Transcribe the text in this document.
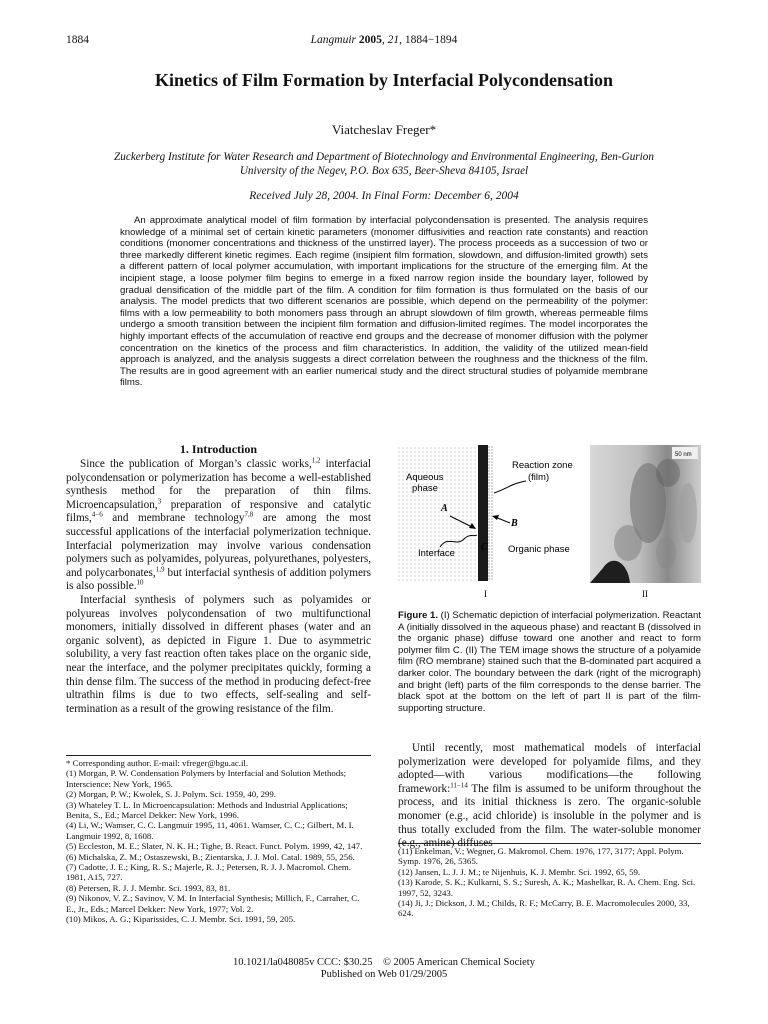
1884	Langmuir 2005, 21, 1884−1894
Kinetics of Film Formation by Interfacial Polycondensation
Viatcheslav Freger*
Zuckerberg Institute for Water Research and Department of Biotechnology and Environmental Engineering, Ben-Gurion University of the Negev, P.O. Box 635, Beer-Sheva 84105, Israel
Received July 28, 2004. In Final Form: December 6, 2004

An approximate analytical model of film formation by interfacial polycondensation is presented. The analysis requires knowledge of a minimal set of certain kinetic parameters (monomer diffusivities and reaction rate constants) and reaction conditions (monomer concentrations and thickness of the unstirred layer). The process proceeds as a succession of two or three markedly different kinetic regimes. Each regime (insipient film formation, slowdown, and diffusion-limited growth) sets a different pattern of local polymer accumulation, with important implications for the structure of the emerging film. At the incipient stage, a loose polymer film begins to emerge in a fixed narrow region inside the boundary layer, followed by gradual densification of the middle part of the film. A condition for film formation is thus formulated on the basis of our analysis. The model predicts that two different scenarios are possible, which depend on the permeability of the polymer: films with a low permeability to both monomers pass through an abrupt slowdown of film growth, whereas permeable films undergo a smooth transition between the incipient film formation and diffusion-limited regimes. The model incorporates the highly important effects of the accumulation of reactive end groups and the decrease of monomer diffusion with the polymer concentration on the kinetics of the process and film characteristics. In addition, the validity of the utilized mean-field approach is analyzed, and the analysis suggests a direct correlation between the roughness and the thickness of the film. The results are in good agreement with an earlier numerical study and the direct structural studies of polyamide membrane films.

1. Introduction

Since the publication of Morgan’s classic works,$^{1,2}$ interfacial polycondensation or polymerization has become a well-established synthesis method for the preparation of thin films. Microencapsulation,$^3$ preparation of responsive and catalytic films,$^{4-6}$ and membrane technology$^{7,8}$ are among the most successful applications of the interfacial polymerization technique. Interfacial polymerization may involve various condensation polymers such as polyamides, polyureas, polyurethanes, polyesters, and polycarbonates,$^{1,9}$ but interfacial synthesis of addition polymers is also possible.$^{10}$

Interfacial synthesis of polymers such as polyamides or polyureas involves polycondensation of two multifunctional monomers, initially dissolved in different phases (water and an organic solvent), as depicted in Figure 1. Due to asymmetric solubility, a very fast reaction often takes place on the organic side, near the interface, and the polymer precipitates quickly, forming a thin dense film. The success of the method in producing defect-free ultrathin films is due to two effects, self-sealing and self-termination as a result of the growing resistance of the film.

Aqueous
phase
Reaction zone
(film)
A
B
C
Interface	Organic phase
I
50 nm
II
Figure 1. (I) Schematic depiction of interfacial polymerization. Reactant A (initially dissolved in the aqueous phase) and reactant B (dissolved in the organic phase) diffuse toward one another and react to form polymer film C. (II) The TEM image shows the structure of a polyamide film (RO membrane) stained such that the B-dominated part acquired a darker color. The boundary between the dark (right of the micrograph) and bright (left) parts of the film corresponds to the dense barrier. The black spot at the bottom on the left of part II is part of the film-supporting structure.

Until recently, most mathematical models of interfacial polymerization were developed for polyamide films, and they adopted—with various modifications—the following framework:$^{11-14}$ The film is assumed to be uniform throughout the process, and its initial thickness is zero. The organic-soluble monomer (e.g., acid chloride) is insoluble in the polymer and is thus totally excluded from the film. The water-soluble monomer (e.g., amine) diffuses

* Corresponding author. E-mail: vfreger@bgu.ac.il.
(1) Morgan, P. W. Condensation Polymers by Interfacial and Solution Methods; Interscience: New York, 1965.
(2) Morgan, P. W.; Kwolek, S. J. Polym. Sci. 1959, 40, 299.
(3) Whateley T. L. In Microencapsulation: Methods and Industrial Applications; Benita, S., Ed.; Marcel Dekker: New York, 1996.
(4) Li, W.; Wamser, C. C. Langmuir 1995, 11, 4061. Wamser, C. C.; Gilbert, M. I. Langmuir 1992, 8, 1608.
(5) Eccleston, M. E.; Slater, N. K. H.; Tighe, B. React. Funct. Polym. 1999, 42, 147.
(6) Michalska, Z. M.; Ostaszewski, B.; Zientarska, J. J. Mol. Catal. 1989, 55, 256.
(7) Cadotte, J. E.; King, R. S.; Majerle, R. J.; Petersen, R. J. J. Macromol. Chem. 1981, A15, 727.
(8) Petersen, R. J. J. Membr. Sci. 1993, 83, 81.
(9) Nikonov, V. Z.; Savinov, V. M. In Interfacial Synthesis; Millich, F., Carraher, C. E., Jr., Eds.; Marcel Dekker: New York, 1977; Vol. 2.
(10) Mikos, A. G.; Kiparissides, C. J. Membr. Sci. 1991, 59, 205.
(11) Enkelman, V.; Wegner, G. Makromol. Chem. 1976, 177, 3177; Appl. Polym. Symp. 1976, 26, 5365.
(12) Jansen, L. J. J. M.; te Nijenhuis, K. J. Membr. Sci. 1992, 65, 59.
(13) Karode, S. K.; Kulkarni, S. S.; Suresh, A. K.; Mashelkar, R. A. Chem. Eng. Sci. 1997, 52, 3243.
(14) Ji, J.; Dickson, J. M.; Childs, R. F.; McCarry, B. E. Macromolecules 2000, 33, 624.
10.1021/la048085v CCC: $30.25 © 2005 American Chemical Society
Published on Web 01/29/2005
